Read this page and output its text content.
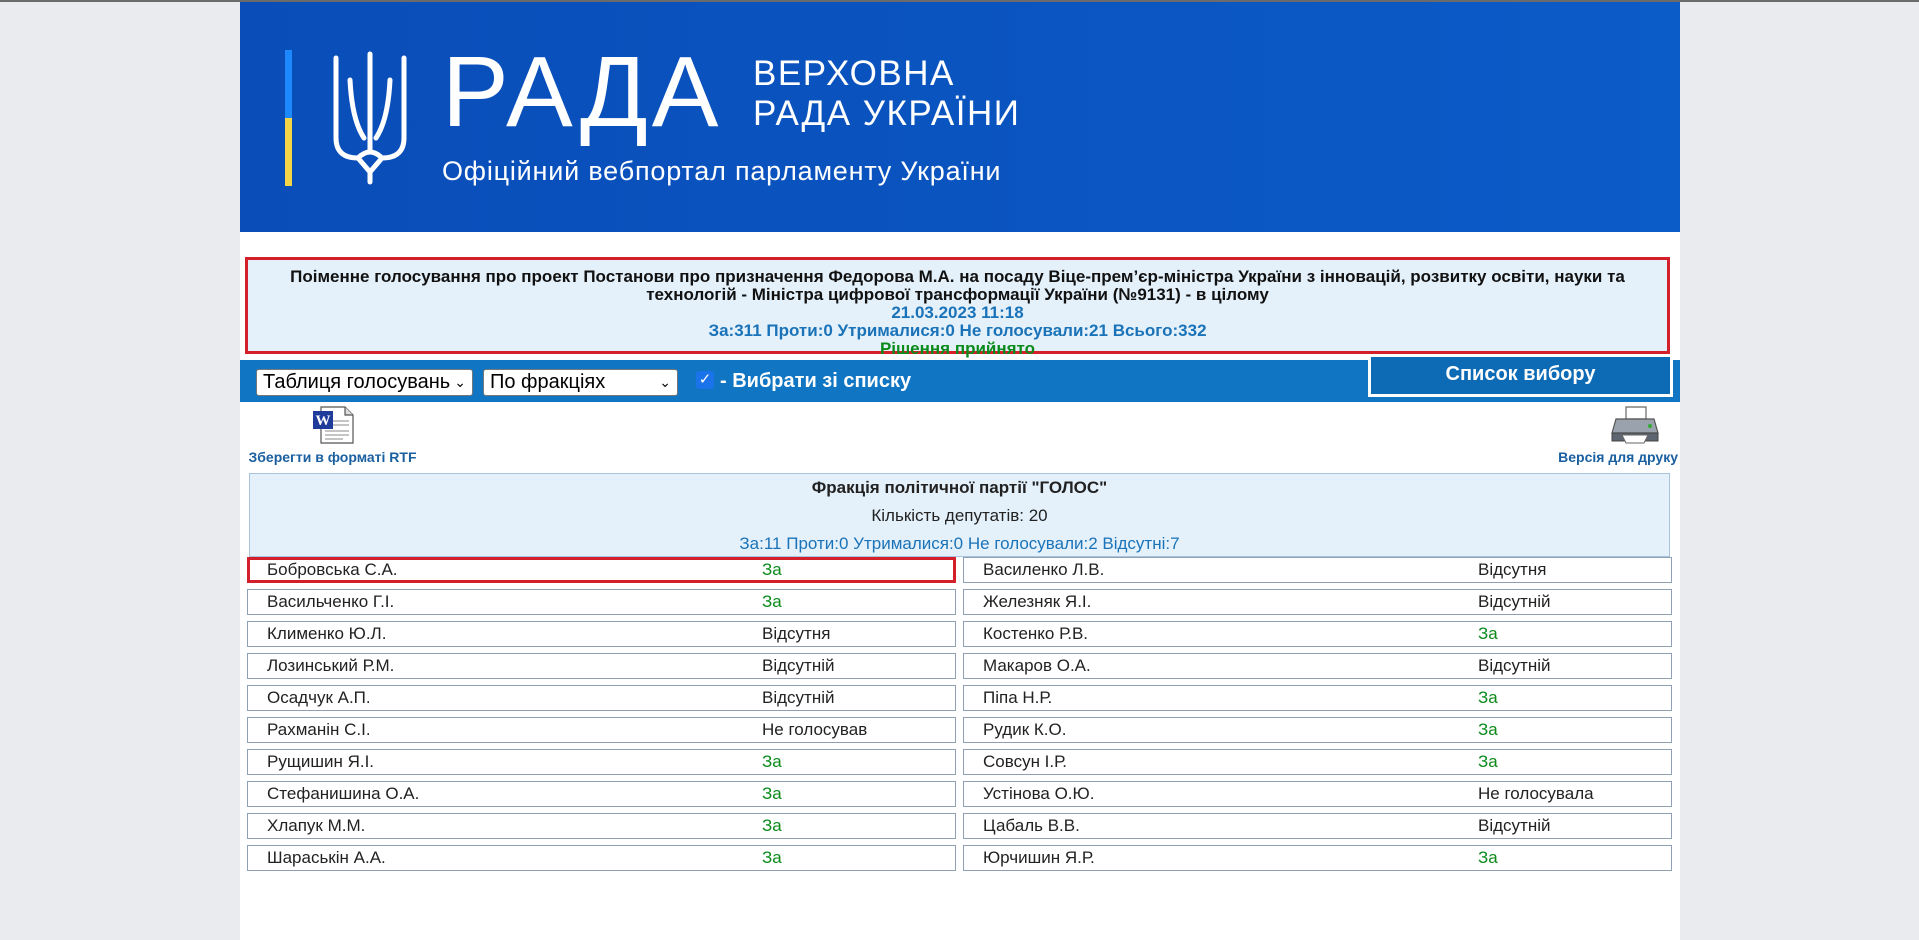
РАДА ВЕРХОВНА
РАДА УКРАЇНИ
Офіційний вебпортал парламенту України
Поіменне голосування про проект Постанови про призначення Федорова М.А. на посаду Віце-прем’єр-міністра України з інновацій, розвитку освіти, науки та технологій - Міністра цифрової трансформації України (№9131) - в цілому
21.03.2023 11:18
За:311 Проти:0 Утрималися:0 Не голосували:21 Всього:332
Рішення прийнято
Таблиця голосувань ⌄	По фракціях	⌄ ✓ - Вибрати зі списку	Список вибору
W
Зберегти в форматі RTF	Версія для друку
Фракція політичної партії "ГОЛОС"
Кількість депутатів: 20
За:11 Проти:0 Утрималися:0 Не голосували:2 Відсутні:7
Бобровська С.А.	За
Васильченко Г.І.	За
Клименко Ю.Л.	Відсутня
Лозинський Р.М.	Відсутній
Осадчук А.П.	Відсутній
Рахманін С.І.	Не голосував
Рущишин Я.І.	За
Стефанишина О.А.	За
Хлапук М.М.	За
Шараськін А.А.	За
Василенко Л.В.	Відсутня
Железняк Я.І.	Відсутній
Костенко Р.В.	За
Макаров О.А.	Відсутній
Піпа Н.Р.	За
Рудик К.О.	За
Совсун І.Р.	За
Устінова О.Ю.	Не голосувала
Цабаль В.В.	Відсутній
Юрчишин Я.Р.	За
